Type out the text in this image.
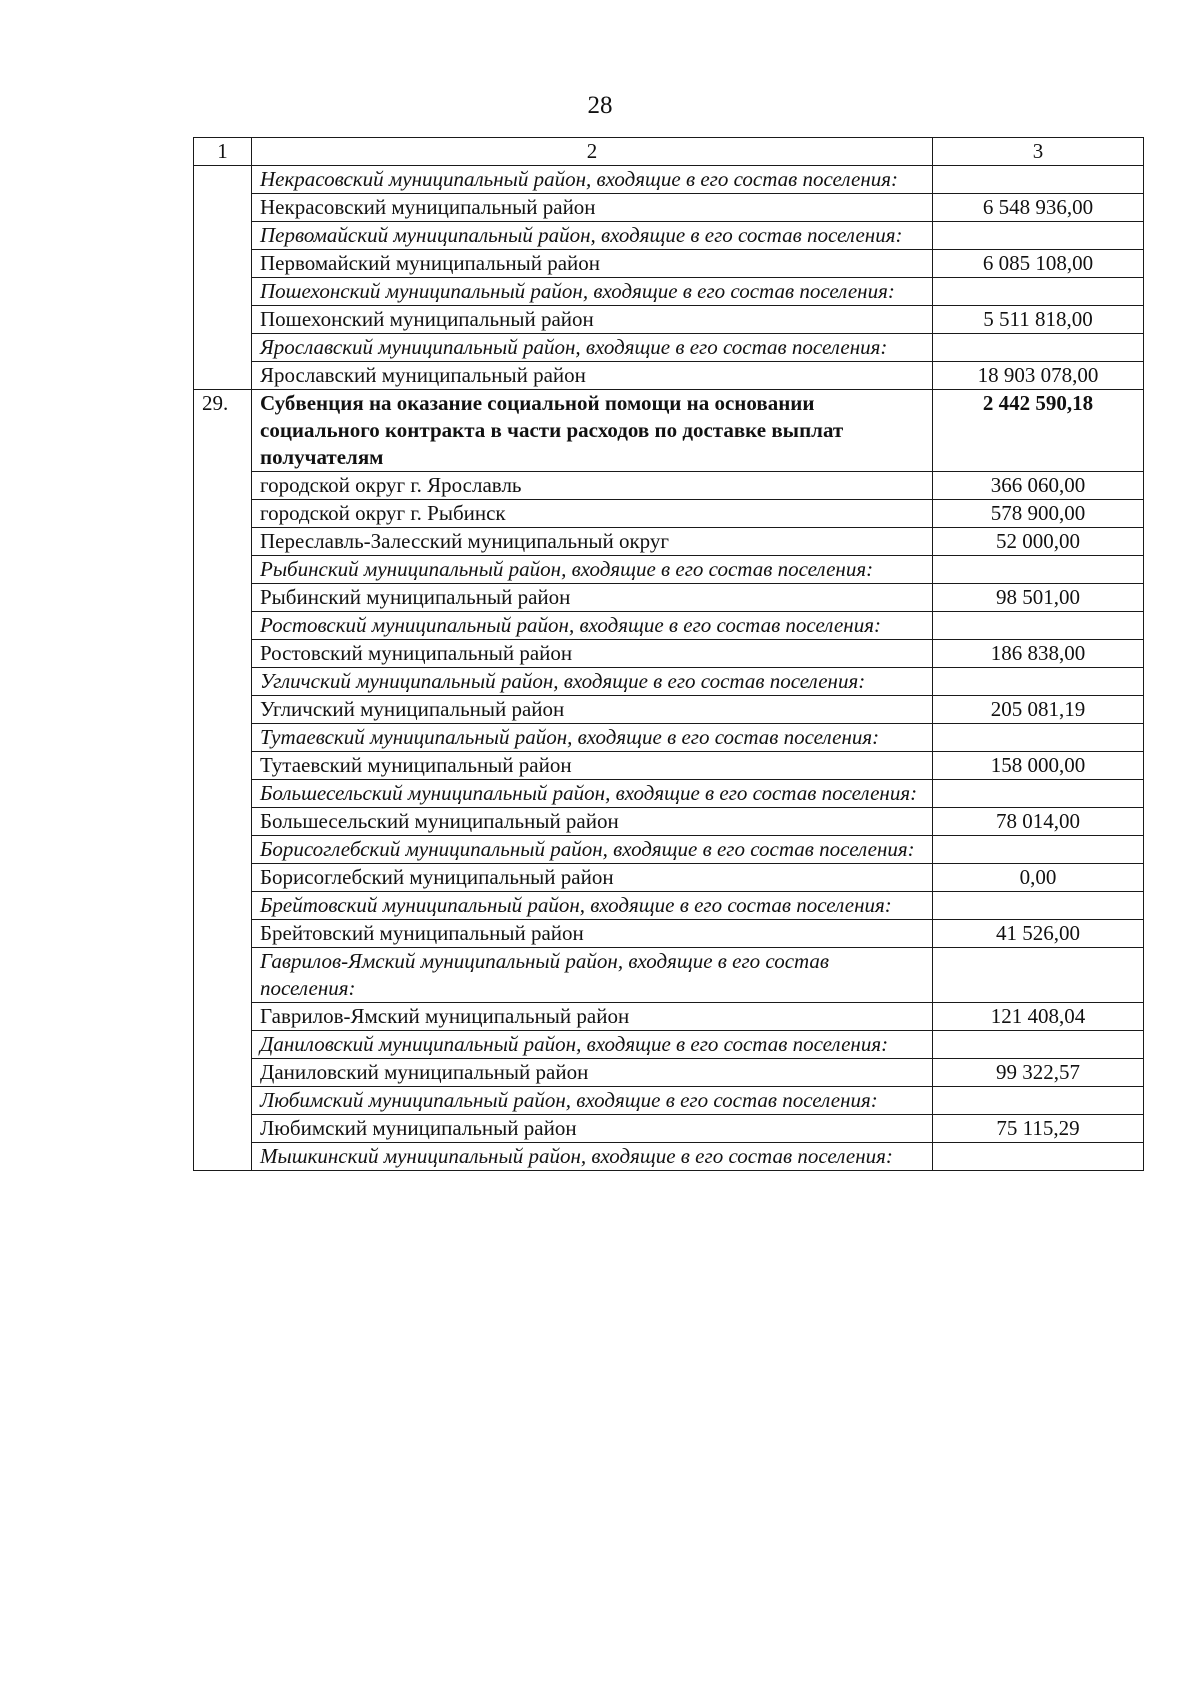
28
1	2	3
	Некрасовский муниципальный район, входящие в его состав поселения:	
	Некрасовский муниципальный район	6 548 936,00
	Первомайский муниципальный район, входящие в его состав поселения:	
	Первомайский муниципальный район	6 085 108,00
	Пошехонский муниципальный район, входящие в его состав поселения:	
	Пошехонский муниципальный район	5 511 818,00
	Ярославский муниципальный район, входящие в его состав поселения:	
	Ярославский муниципальный район	18 903 078,00
29.	Субвенция на оказание социальной помощи на основании социального контракта в части расходов по доставке выплат получателям	2 442 590,18
	городской округ г. Ярославль	366 060,00
	городской округ г. Рыбинск	578 900,00
	Переславль-Залесский муниципальный округ	52 000,00
	Рыбинский муниципальный район, входящие в его состав поселения:	
	Рыбинский муниципальный район	98 501,00
	Ростовский муниципальный район, входящие в его состав поселения:	
	Ростовский муниципальный район	186 838,00
	Угличский муниципальный район, входящие в его состав поселения:	
	Угличский муниципальный район	205 081,19
	Тутаевский муниципальный район, входящие в его состав поселения:	
	Тутаевский муниципальный район	158 000,00
	Большесельский муниципальный район, входящие в его состав поселения:	
	Большесельский муниципальный район	78 014,00
	Борисоглебский муниципальный район, входящие в его состав поселения:	
	Борисоглебский муниципальный район	0,00
	Брейтовский муниципальный район, входящие в его состав поселения:	
	Брейтовский муниципальный район	41 526,00
	Гаврилов-Ямский муниципальный район, входящие в его состав поселения:	
	Гаврилов-Ямский муниципальный район	121 408,04
	Даниловский муниципальный район, входящие в его состав поселения:	
	Даниловский муниципальный район	99 322,57
	Любимский муниципальный район, входящие в его состав поселения:	
	Любимский муниципальный район	75 115,29
	Мышкинский муниципальный район, входящие в его состав поселения:	
